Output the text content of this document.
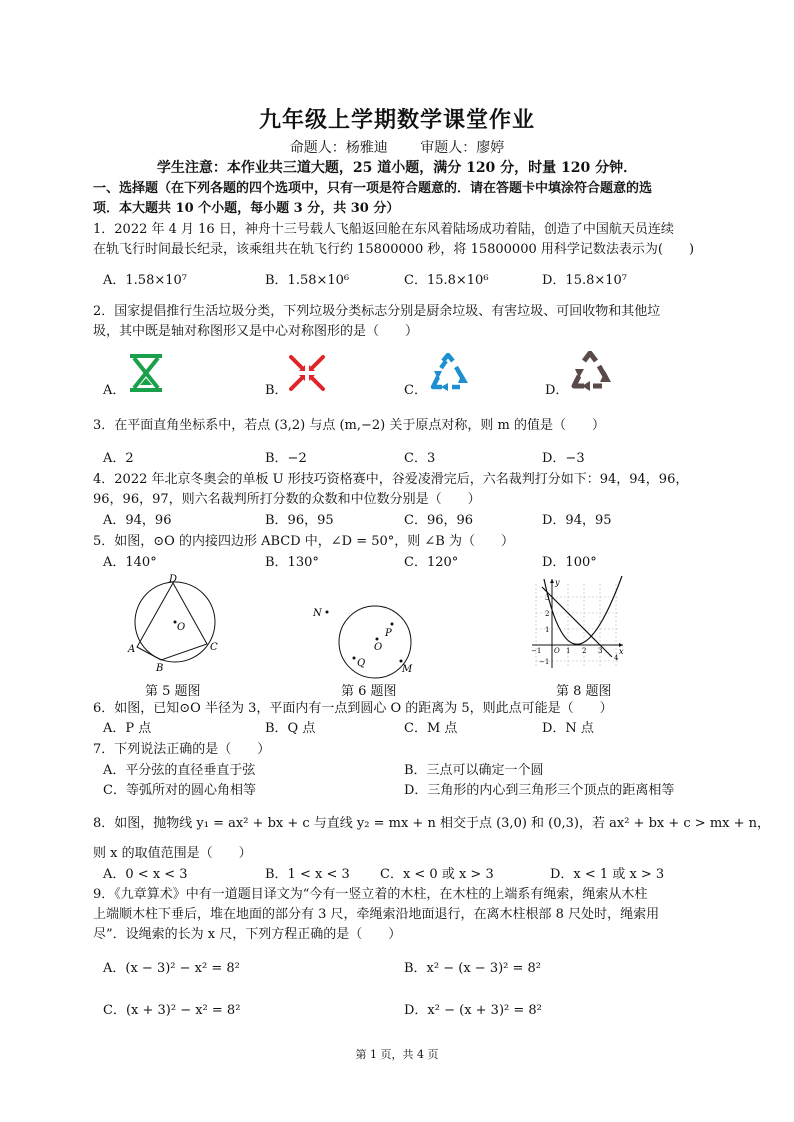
九年级上学期数学课堂作业
命题人：杨雅迪 审题人：廖婷
学生注意：本作业共三道大题，25 道小题，满分 120 分，时量 120 分钟．
一、选择题（在下列各题的四个选项中，只有一项是符合题意的．请在答题卡中填涂符合题意的选
项．本大题共 10 个小题，每小题 3 分，共 30 分）
1．2022 年 4 月 16 日，神舟十三号载人飞船返回舱在东风着陆场成功着陆，创造了中国航天员连续
在轨飞行时间最长纪录，该乘组共在轨飞行约 15800000 秒，将 15800000 用科学记数法表示为(　　)
A．1.58×10⁷	B．1.58×10⁶	C．15.8×10⁶	D．15.8×10⁷
2．国家提倡推行生活垃圾分类，下列垃圾分类标志分别是厨余垃圾、有害垃圾、可回收物和其他垃
圾，其中既是轴对称图形又是中心对称图形的是（　　）
A．	B．	C．	D．
3．在平面直角坐标系中，若点 (3,2) 与点 (m,−2) 关于原点对称，则 m 的值是（　　）
A．2	B．−2	C．3	D．−3
4．2022 年北京冬奥会的单板 U 形技巧资格赛中，谷爱凌滑完后，六名裁判打分如下：94，94，96，
96，96，97，则六名裁判所打分数的众数和中位数分别是（　　）
A．94，96	B．96，95	C．96，96	D．94，95
5．如图，⊙O 的内接四边形 ABCD 中，∠D = 50°，则 ∠B 为（　　）
A．140°	B．130°	C．120°	D．100°
D
O
A
B
C
第 5 题图
N
P
O
Q
M
第 6 题图
y
x
3
2
1
−1
O
−1	1 2 3
4
第 8 题图
6．如图，已知⊙O 半径为 3，平面内有一点到圆心 O 的距离为 5，则此点可能是（　　）
A．P 点	B．Q 点	C．M 点	D．N 点
7．下列说法正确的是（　　）
A．平分弦的直径垂直于弦	B．三点可以确定一个圆
C．等弧所对的圆心角相等	D．三角形的内心到三角形三个顶点的距离相等
8．如图，抛物线 y₁ = ax² + bx + c 与直线 y₂ = mx + n 相交于点 (3,0) 和 (0,3)，若 ax² + bx + c > mx + n，
则 x 的取值范围是（　　）
A．0 < x < 3	B．1 < x < 3 C．x < 0 或 x > 3	D．x < 1 或 x > 3
9．《九章算术》中有一道题目译文为“今有一竖立着的木柱，在木柱的上端系有绳索，绳索从木柱
上端顺木柱下垂后，堆在地面的部分有 3 尺，牵绳索沿地面退行，在离木柱根部 8 尺处时，绳索用
尽”．设绳索的长为 x 尺，下列方程正确的是（　　）
A．(x − 3)² − x² = 8²	B．x² − (x − 3)² = 8²
C．(x + 3)² − x² = 8²	D．x² − (x + 3)² = 8²
第 1 页，共 4 页
